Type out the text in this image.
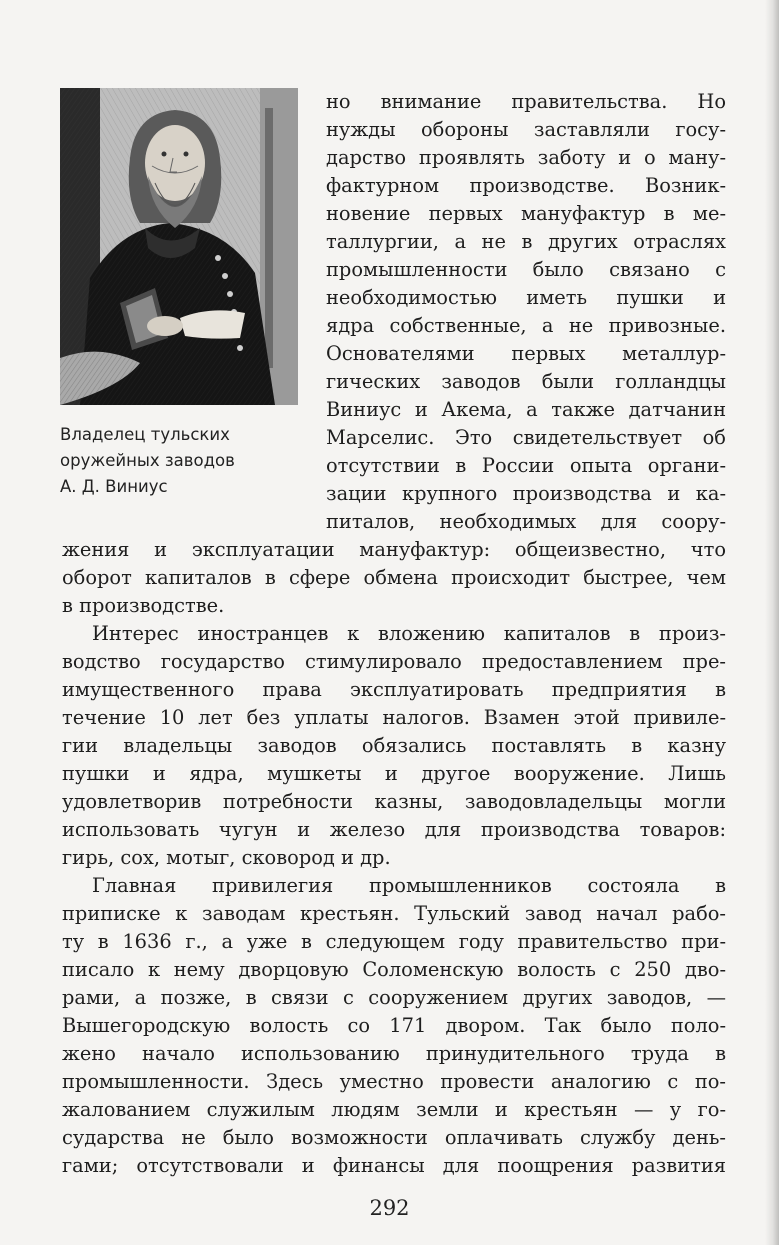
Владелец тульских
оружейных заводов
А. Д. Виниус
но внимание правительства. Но
нужды обороны заставляли госу-
дарство проявлять заботу и о ману-
фактурном производстве. Возник-
новение первых мануфактур в ме-
таллургии, а не в других отраслях
промышленности было связано с
необходимостью иметь пушки и
ядра собственные, а не привозные.
Основателями первых металлур-
гических заводов были голландцы
Виниус и Акема, а также датчанин
Марселис. Это свидетельствует об
отсутствии в России опыта органи-
зации крупного производства и ка-
питалов, необходимых для соору-
жения и эксплуатации мануфактур: общеизвестно, что
оборот капиталов в сфере обмена происходит быстрее, чем
в производстве.
Интерес иностранцев к вложению капиталов в произ-
водство государство стимулировало предоставлением пре-
имущественного права эксплуатировать предприятия в
течение 10 лет без уплаты налогов. Взамен этой привиле-
гии владельцы заводов обязались поставлять в казну
пушки и ядра, мушкеты и другое вооружение. Лишь
удовлетворив потребности казны, заводовладельцы могли
использовать чугун и железо для производства товаров:
гирь, сох, мотыг, сковород и др.
Главная привилегия промышленников состояла в
приписке к заводам крестьян. Тульский завод начал рабо-
ту в 1636 г., а уже в следующем году правительство при-
писало к нему дворцовую Соломенскую волость с 250 дво-
рами, а позже, в связи с сооружением других заводов, —
Вышегородскую волость со 171 двором. Так было поло-
жено начало использованию принудительного труда в
промышленности. Здесь уместно провести аналогию с по-
жалованием служилым людям земли и крестьян — у го-
сударства не было возможности оплачивать службу день-
гами; отсутствовали и финансы для поощрения развития
292
